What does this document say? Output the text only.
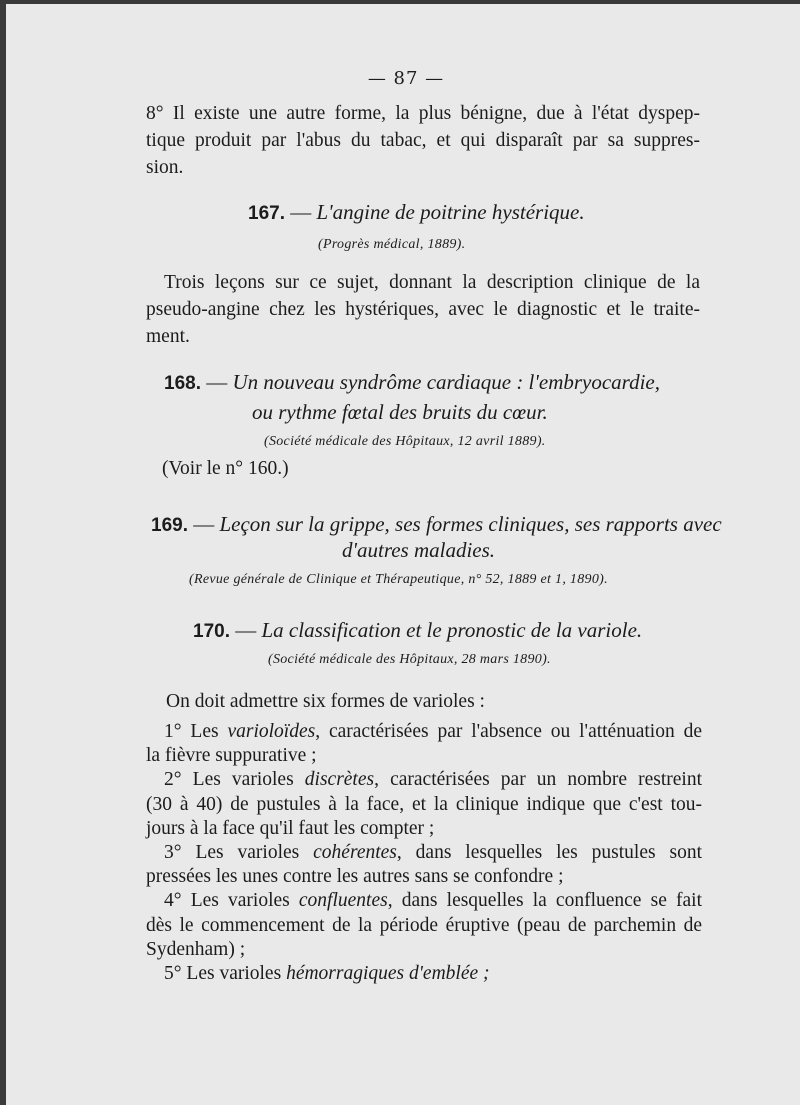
— 87 —
8° Il existe une autre forme, la plus bénigne, due à l'état dyspep-
tique produit par l'abus du tabac, et qui disparaît par sa suppres-
sion.
167. — L'angine de poitrine hystérique.
(Progrès médical, 1889).
Trois leçons sur ce sujet, donnant la description clinique de la
pseudo-angine chez les hystériques, avec le diagnostic et le traite-
ment.
168. — Un nouveau syndrôme cardiaque : l'embryocardie,
ou rythme fœtal des bruits du cœur.
(Société médicale des Hôpitaux, 12 avril 1889).
(Voir le n° 160.)
169. — Leçon sur la grippe, ses formes cliniques, ses rapports avec
d'autres maladies.
(Revue générale de Clinique et Thérapeutique, n° 52, 1889 et 1, 1890).
170. — La classification et le pronostic de la variole.
(Société médicale des Hôpitaux, 28 mars 1890).
On doit admettre six formes de varioles :
1° Les varioloïdes, caractérisées par l'absence ou l'atténuation de
la fièvre suppurative ;
2° Les varioles discrètes, caractérisées par un nombre restreint
(30 à 40) de pustules à la face, et la clinique indique que c'est tou-
jours à la face qu'il faut les compter ;
3° Les varioles cohérentes, dans lesquelles les pustules sont
pressées les unes contre les autres sans se confondre ;
4° Les varioles confluentes, dans lesquelles la confluence se fait
dès le commencement de la période éruptive (peau de parchemin de
Sydenham) ;
5° Les varioles hémorragiques d'emblée ;
